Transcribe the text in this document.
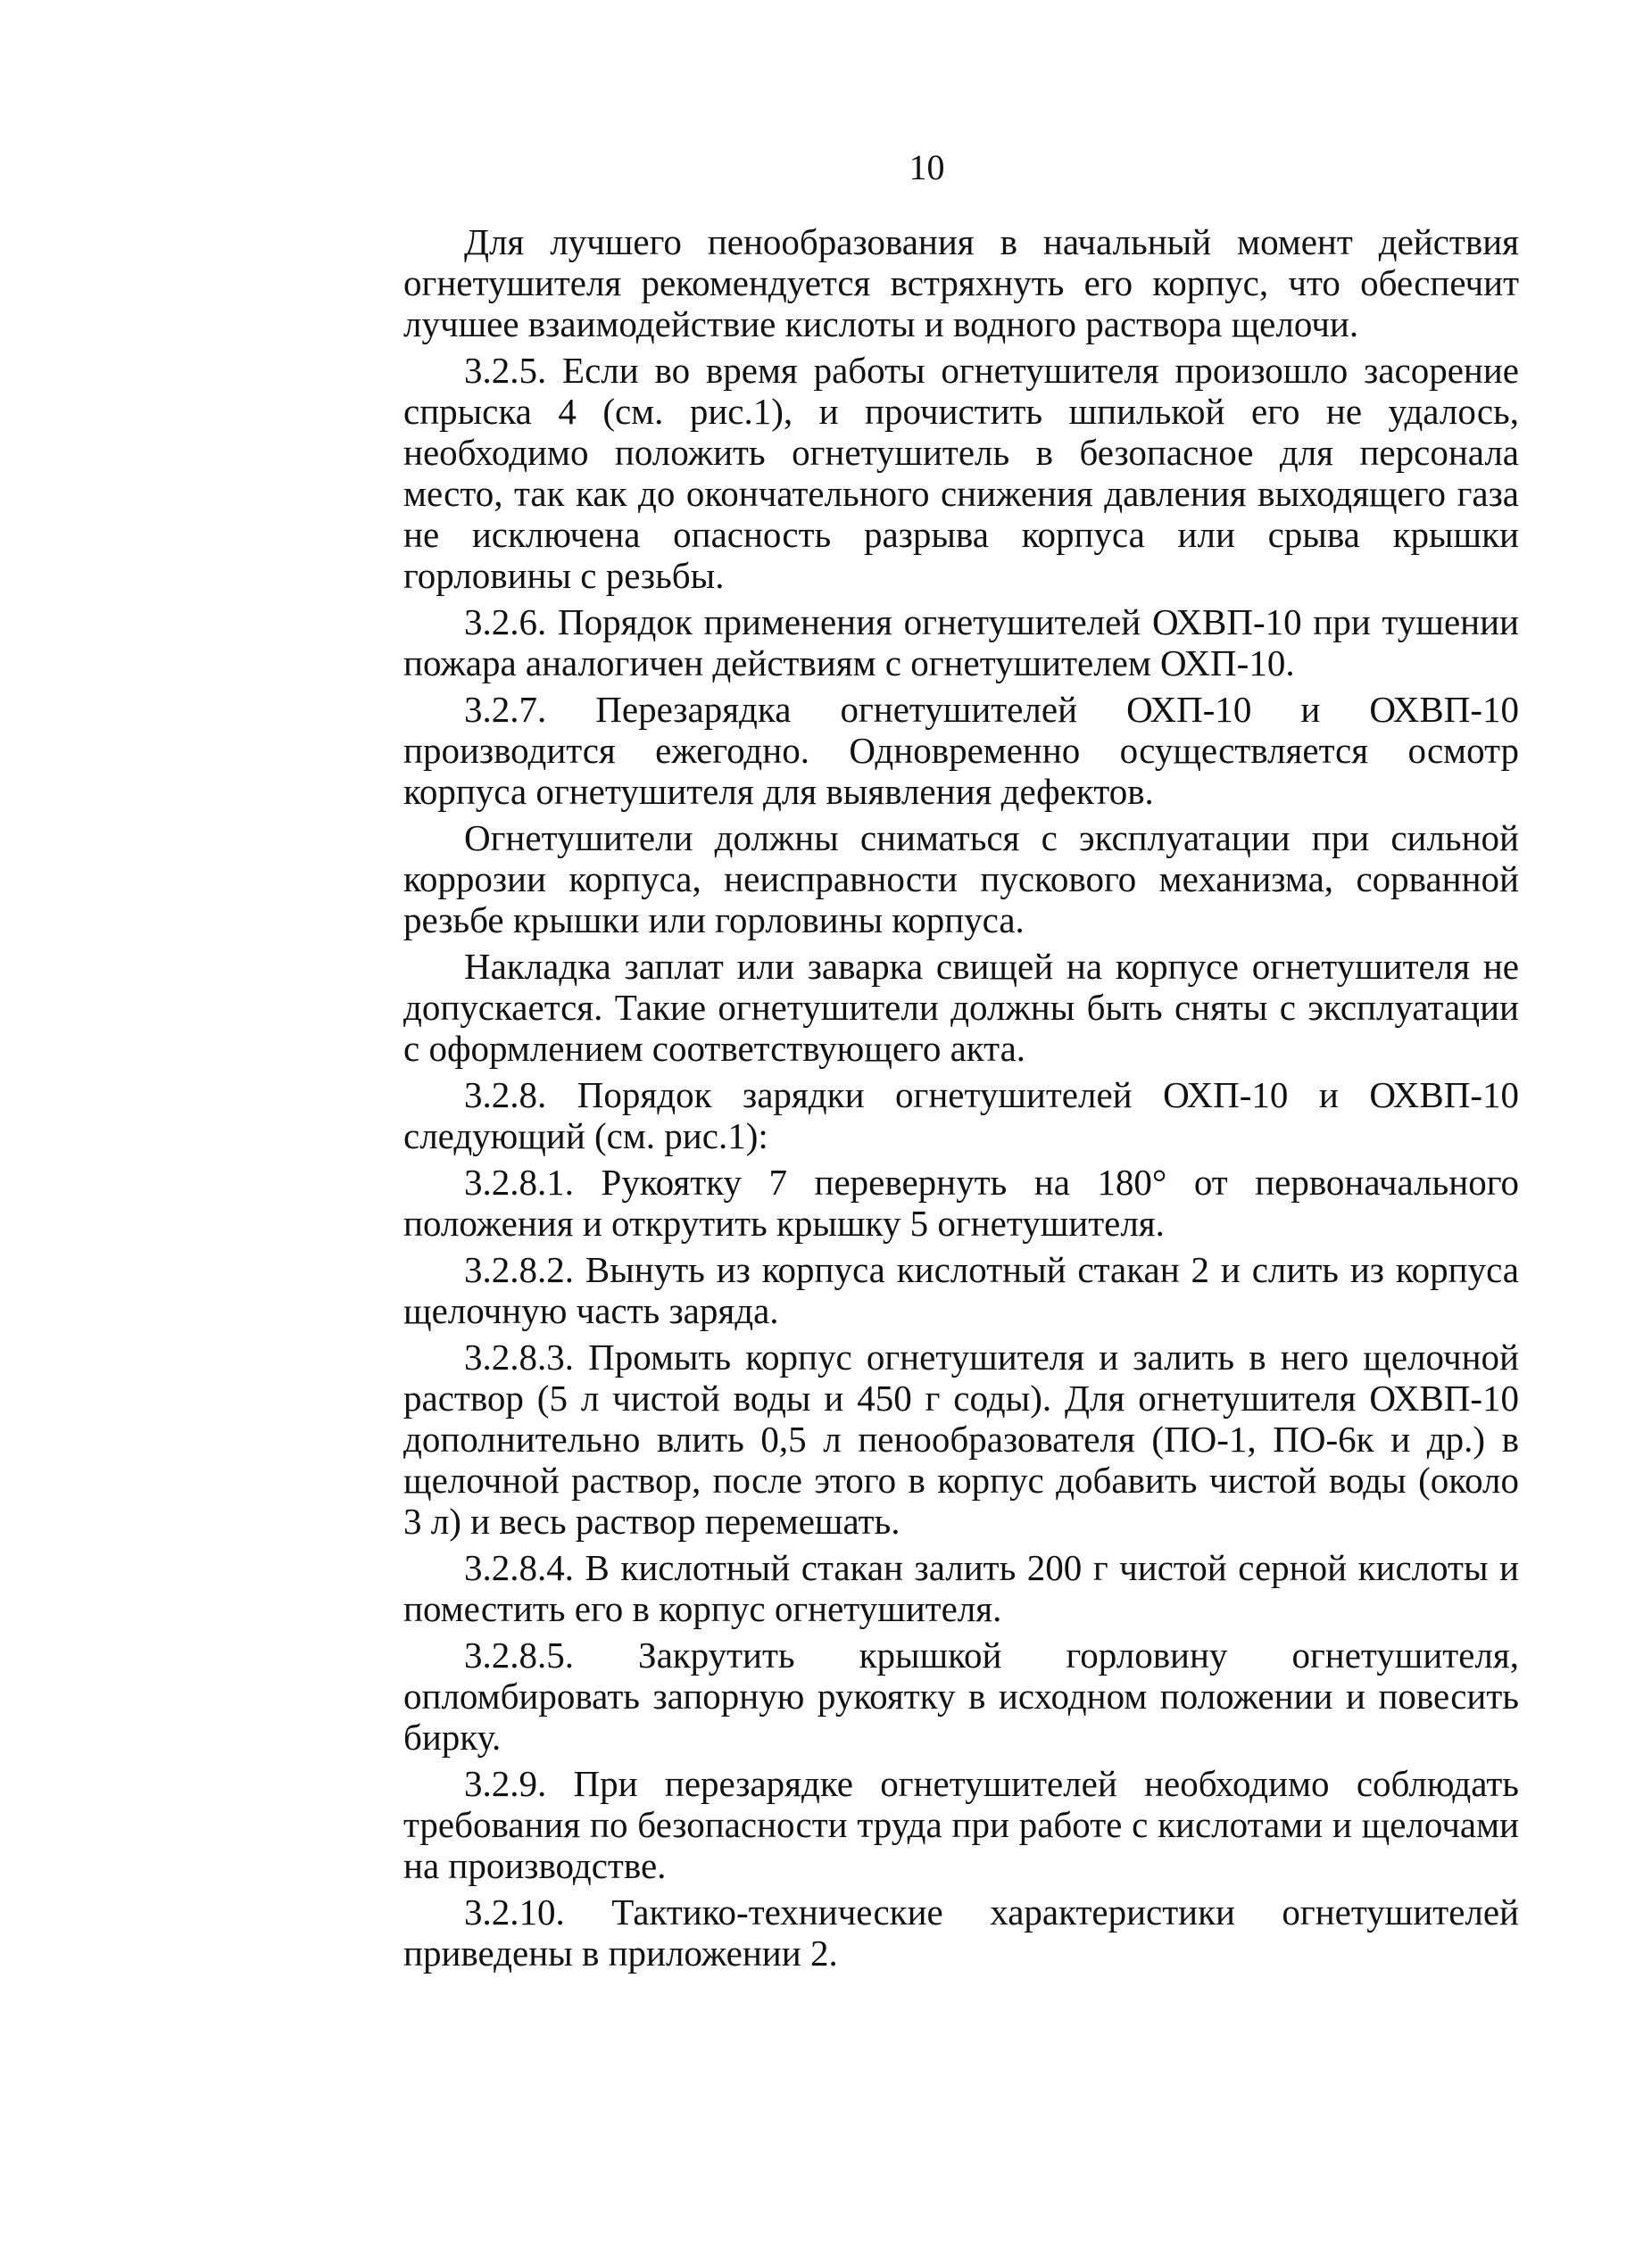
10

Для лучшего пенообразования в начальный момент действия огнетушителя рекомендуется встряхнуть его корпус, что обеспечит лучшее взаимодействие кислоты и водного раствора щелочи.

3.2.5. Если во время работы огнетушителя произошло засорение спрыска 4 (см. рис.1), и прочистить шпилькой его не удалось, необходимо положить огнетушитель в безопасное для персонала место, так как до окончательного снижения давления выходящего газа не исключена опасность разрыва корпуса или срыва крышки горловины с резьбы.

3.2.6. Порядок применения огнетушителей ОХВП-10 при тушении пожара аналогичен действиям с огнетушителем ОХП-10.

3.2.7. Перезарядка огнетушителей ОХП-10 и ОХВП-10 производится ежегодно. Одновременно осуществляется осмотр корпуса огнетушителя для выявления дефектов.

Огнетушители должны сниматься с эксплуатации при сильной коррозии корпуса, неисправности пускового механизма, сорванной резьбе крышки или горловины корпуса.

Накладка заплат или заварка свищей на корпусе огнетушителя не допускается. Такие огнетушители должны быть сняты с эксплуатации с оформлением соответствующего акта.

3.2.8. Порядок зарядки огнетушителей ОХП-10 и ОХВП-10 следующий (см. рис.1):

3.2.8.1. Рукоятку 7 перевернуть на 180° от первоначального положения и открутить крышку 5 огнетушителя.

3.2.8.2. Вынуть из корпуса кислотный стакан 2 и слить из корпуса щелочную часть заряда.

3.2.8.3. Промыть корпус огнетушителя и залить в него щелочной раствор (5 л чистой воды и 450 г соды). Для огнетушителя ОХВП-10 дополнительно влить 0,5 л пенообразователя (ПО-1, ПО-6к и др.) в щелочной раствор, после этого в корпус добавить чистой воды (около 3 л) и весь раствор перемешать.

3.2.8.4. В кислотный стакан залить 200 г чистой серной кислоты и поместить его в корпус огнетушителя.

3.2.8.5. Закрутить крышкой горловину огнетушителя, опломбировать запорную рукоятку в исходном положении и повесить бирку.

3.2.9. При перезарядке огнетушителей необходимо соблюдать требования по безопасности труда при работе с кислотами и щелочами на производстве.

3.2.10. Тактико-технические характеристики огнетушителей приведены в приложении 2.
